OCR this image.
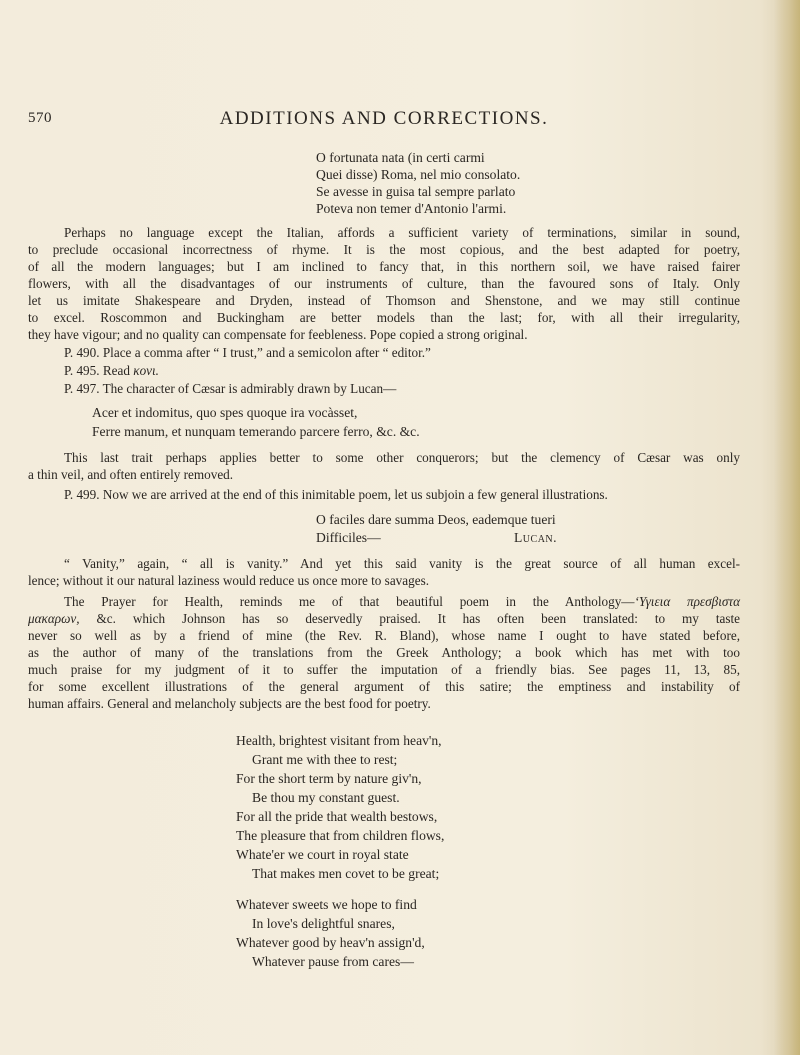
570	ADDITIONS AND CORRECTIONS.
O fortunata nata (in certi carmi
Quei disse) Roma, nel mio consolato.
Se avesse in guisa tal sempre parlato
Poteva non temer d'Antonio l'armi.
Perhaps no language except the Italian, affords a sufficient variety of terminations, similar in sound,
to preclude occasional incorrectness of rhyme. It is the most copious, and the best adapted for poetry,
of all the modern languages; but I am inclined to fancy that, in this northern soil, we have raised fairer
flowers, with all the disadvantages of our instruments of culture, than the favoured sons of Italy. Only
let us imitate Shakespeare and Dryden, instead of Thomson and Shenstone, and we may still continue
to excel. Roscommon and Buckingham are better models than the last; for, with all their irregularity,
they have vigour; and no quality can compensate for feebleness. Pope copied a strong original.
P. 490. Place a comma after “ I trust,” and a semicolon after “ editor.”
P. 495. Read κονι.
P. 497. The character of Cæsar is admirably drawn by Lucan—
Acer et indomitus, quo spes quoque ira vocàsset,
Ferre manum, et nunquam temerando parcere ferro, &c. &c.
This last trait perhaps applies better to some other conquerors; but the clemency of Cæsar was only
a thin veil, and often entirely removed.
P. 499. Now we are arrived at the end of this inimitable poem, let us subjoin a few general illustrations.
O faciles dare summa Deos, eademque tueri
Difficiles—	Lucan.
“ Vanity,” again, “ all is vanity.” And yet this said vanity is the great source of all human excel-
lence; without it our natural laziness would reduce us once more to savages.
The Prayer for Health, reminds me of that beautiful poem in the Anthology—‘Υγιεια πρεσβιστα
μακαρων, &c. which Johnson has so deservedly praised. It has often been translated: to my taste
never so well as by a friend of mine (the Rev. R. Bland), whose name I ought to have stated before,
as the author of many of the translations from the Greek Anthology; a book which has met with too
much praise for my judgment of it to suffer the imputation of a friendly bias. See pages 11, 13, 85,
for some excellent illustrations of the general argument of this satire; the emptiness and instability of
human affairs. General and melancholy subjects are the best food for poetry.
Health, brightest visitant from heav'n,
Grant me with thee to rest;
For the short term by nature giv'n,
Be thou my constant guest.
For all the pride that wealth bestows,
The pleasure that from children flows,
Whate'er we court in royal state
That makes men covet to be great;
Whatever sweets we hope to find
In love's delightful snares,
Whatever good by heav'n assign'd,
Whatever pause from cares—
